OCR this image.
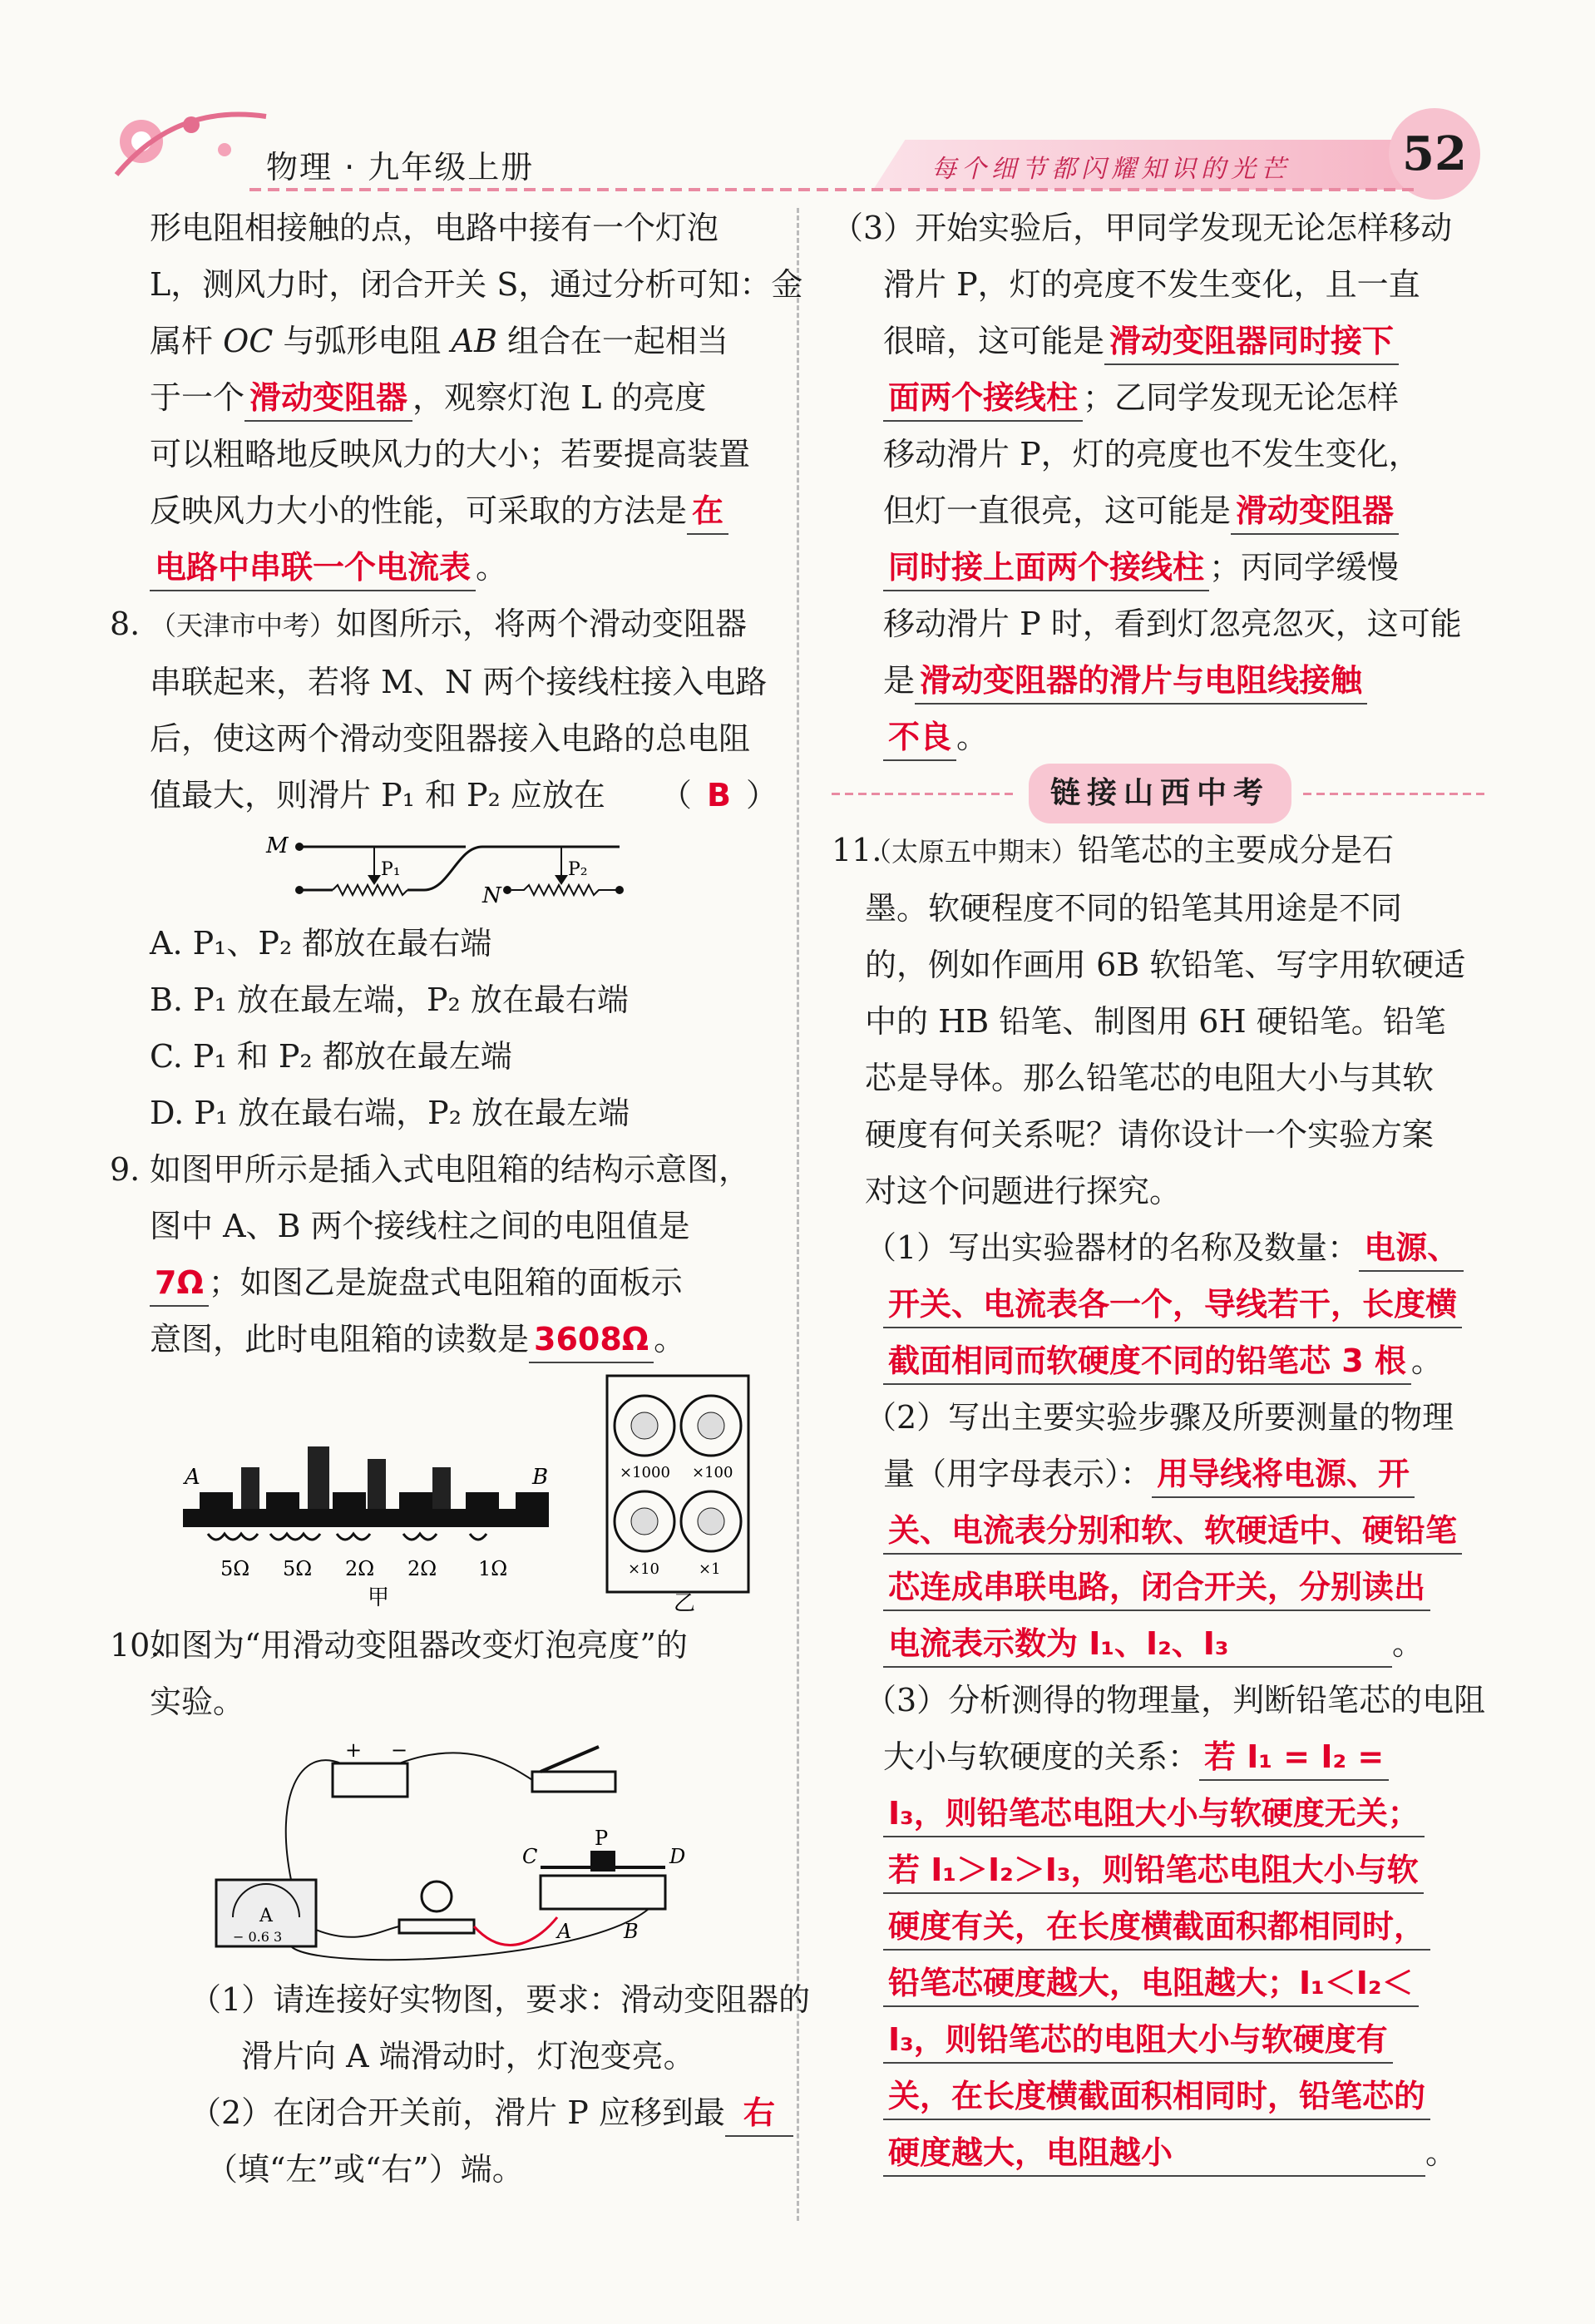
物理 · 九年级上册	每个细节都闪耀知识的光芒 52
形电阻相接触的点，电路中接有一个灯泡
L，测风力时，闭合开关 S，通过分析可知：金
属杆 OC 与弧形电阻 AB 组合在一起相当
于一个 滑动变阻器 ，观察灯泡 L 的亮度
可以粗略地反映风力的大小；若要提高装置
反映风力大小的性能，可采取的方法是 在
电路中串联一个电流表 。
8. （天津市中考）如图所示，将两个滑动变阻器
串联起来，若将 M、N 两个接线柱接入电路
后，使这两个滑动变阻器接入电路的总电阻
值最大，则滑片 P₁ 和 P₂ 应放在 （ B ）
M
P₁
N
P₂
A. P₁、P₂ 都放在最右端
B. P₁ 放在最左端，P₂ 放在最右端
C. P₁ 和 P₂ 都放在最左端
D. P₁ 放在最右端，P₂ 放在最左端
9. 如图甲所示是插入式电阻箱的结构示意图，
图中 A、B 两个接线柱之间的电阻值是
7Ω ；如图乙是旋盘式电阻箱的面板示
意图，此时电阻箱的读数是 3608Ω 。
A	B
5Ω 5Ω 2Ω 2Ω 1Ω
甲
×1000 ×100
×10	×1
乙
10.
如图为“用滑动变阻器改变灯泡亮度”的
实验。
+ −
A
− 0.6 3
P
C	D
A	B
（1）请连接好实物图，要求：滑动变阻器的
滑片向 A 端滑动时，灯泡变亮。
（2）在闭合开关前，滑片 P 应移到最 右
（填“左”或“右”）端。
（3）开始实验后，甲同学发现无论怎样移动
滑片 P，灯的亮度不发生变化，且一直
很暗，这可能是 滑动变阻器同时接下
面两个接线柱 ；乙同学发现无论怎样
移动滑片 P，灯的亮度也不发生变化，
但灯一直很亮，这可能是 滑动变阻器
同时接上面两个接线柱 ；丙同学缓慢
移动滑片 P 时，看到灯忽亮忽灭，这可能
是 滑动变阻器的滑片与电阻线接触
不良 。
链接山西中考
11.
（太原五中期末）铅笔芯的主要成分是石
墨。软硬程度不同的铅笔其用途是不同
的，例如作画用 6B 软铅笔、写字用软硬适
中的 HB 铅笔、制图用 6H 硬铅笔。铅笔
芯是导体。那么铅笔芯的电阻大小与其软
硬度有何关系呢？请你设计一个实验方案
对这个问题进行探究。
（1）写出实验器材的名称及数量： 电源、
开关、电流表各一个，导线若干，长度横
截面相同而软硬度不同的铅笔芯 3 根 。
（2）写出主要实验步骤及所要测量的物理
量（用字母表示）： 用导线将电源、开
关、电流表分别和软、软硬适中、硬铅笔
芯连成串联电路，闭合开关，分别读出
电流表示数为 I₁、I₂、I₃	。
（3）分析测得的物理量，判断铅笔芯的电阻
大小与软硬度的关系： 若 I₁ = I₂ =
I₃，则铅笔芯电阻大小与软硬度无关；
若 I₁＞I₂＞I₃，则铅笔芯电阻大小与软
硬度有关，在长度横截面积都相同时，
铅笔芯硬度越大，电阻越大；I₁＜I₂＜
I₃，则铅笔芯的电阻大小与软硬度有
关，在长度横截面积相同时，铅笔芯的
硬度越大，电阻越小	。
